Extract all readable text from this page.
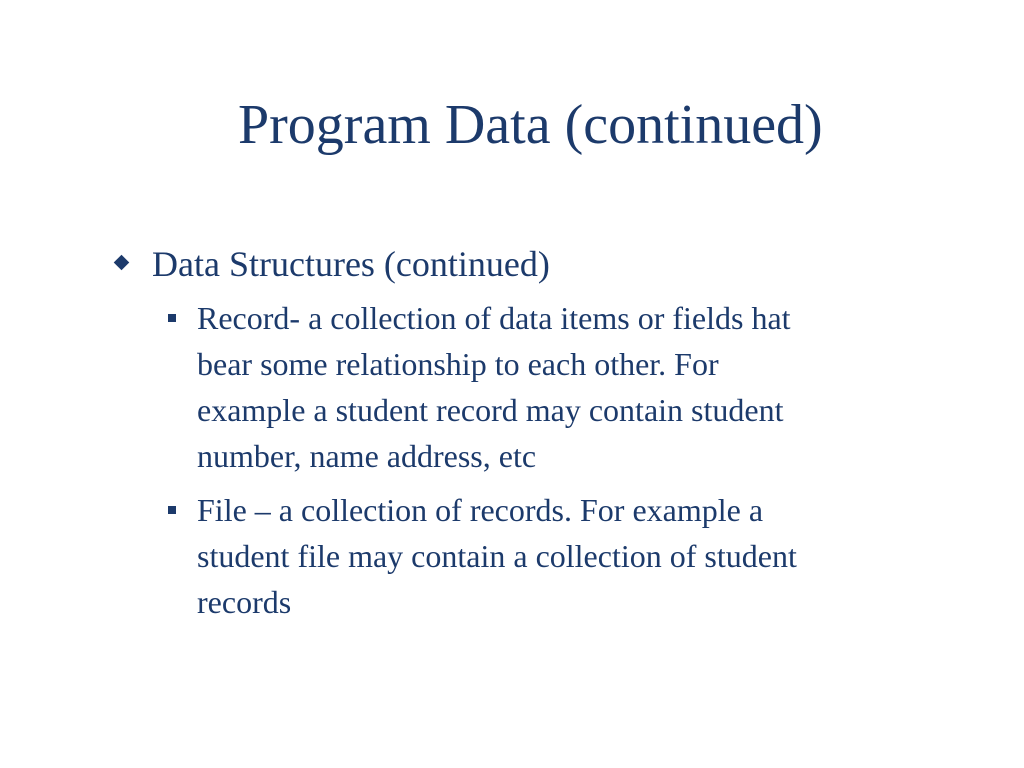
Program Data (continued)
Data Structures (continued)
Record- a collection of data items or fields hat
bear some relationship to each other. For
example a student record may contain student
number, name address, etc
File – a collection of records. For example a
student file may contain a collection of student
records
